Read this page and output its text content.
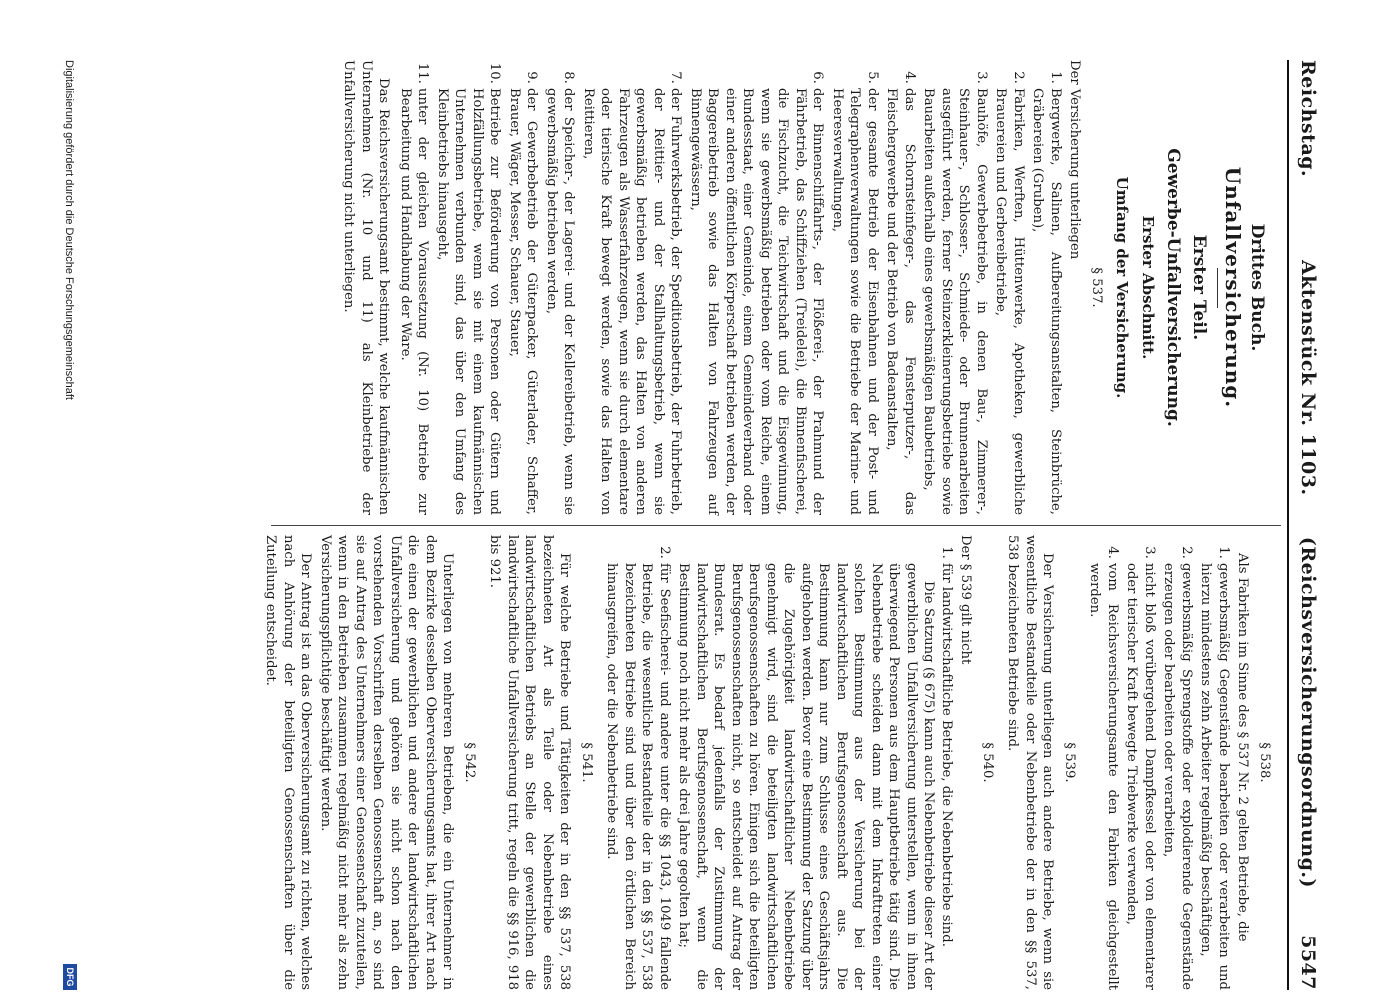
Reichstag.
Aktenstück Nr. 1103.
(Reichsversicherungsordnung.) 5547
Drittes Buch.
Unfallversicherung.
Erster Teil.
Gewerbe-Unfallversicherung.
Erster Abschnitt.
Umfang der Versicherung.
§ 537.

Der Versicherung unterliegen

1. Bergwerke, Salinen, Aufbereitungsanstalten, Steinbrüche, Gräbereien (Gruben),
2. Fabriken, Werften, Hüttenwerke, Apotheken, gewerbliche Brauereien und Gerbereibetriebe,
3. Bauhöfe, Gewerbebetriebe, in denen Bau-, Zimmerer-, Steinhauer-, Schlosser-, Schmiede- oder Brunnenarbeiten ausgeführt werden, ferner Steinzerkleinerungsbetriebe sowie Bauarbeiten außerhalb eines gewerbsmäßigen Baubetriebs,
4. das Schornsteinfeger-, das Fensterputzer-, das Fleischergewerbe und der Betrieb von Badeanstalten,
5. der gesamte Betrieb der Eisenbahnen und der Post- und Telegraphenverwaltungen sowie die Betriebe der Marine- und Heeresverwaltungen,
6. der Binnenschiffahrts-, der Flößerei-, der Prahmund der Fährbetrieb, das Schiffziehen (Treidelei), die Binnenfischerei, die Fischzucht, die Teichwirtschaft und die Eisgewinnung, wenn sie gewerbsmäßig betrieben oder vom Reiche, einem Bundesstaat, einer Gemeinde, einem Gemeindeverband oder einer anderen öffentlichen Körperschaft betrieben werden, der Baggereibetrieb sowie das Halten von Fahrzeugen auf Binnengewässern,
7. der Fuhrwerksbetrieb, der Speditionsbetrieb, der Fuhrbetrieb, der Reittier- und der Stallhaltungsbetrieb, wenn sie gewerbsmäßig betrieben werden, das Halten von anderen Fahrzeugen als Wasserfahrzeugen, wenn sie durch elementare oder tierische Kraft bewegt werden, sowie das Halten von Reittieren,
8. der Speicher-, der Lagerei- und der Kellereibetrieb, wenn sie gewerbsmäßig betrieben werden,
9. der Gewerbebetrieb der Güterpacker, Güterlader, Schaffer, Brauer, Wäger, Messer, Schauer, Stauer,
10. Betriebe zur Beförderung von Personen oder Gütern und Holzfällungsbetriebe, wenn sie mit einem kaufmännischen Unternehmen verbunden sind, das über den Umfang des Kleinbetriebs hinausgeht,
11. unter der gleichen Voraussetzung (Nr. 10) Betriebe zur Bearbeitung und Handhabung der Ware.

Das Reichsversicherungsamt bestimmt, welche kaufmännischen Unternehmen (Nr. 10 und 11) als Kleinbetriebe der Unfallversicherung nicht unterliegen.

§ 538.

Als Fabriken im Sinne des § 537 Nr. 2 gelten Betriebe, die

1. gewerbsmäßig Gegenstände bearbeiten oder verarbeiten und hierzu mindestens zehn Arbeiter regelmäßig beschäftigen,
2. gewerbsmäßig Sprengstoffe oder explodierende Gegenstände erzeugen oder bearbeiten oder verarbeiten,
3. nicht bloß vorübergehend Dampfkessel oder von elementarer oder tierischer Kraft bewegte Triebwerke verwenden,
4. vom Reichsversicherungsamte den Fabriken gleichgestellt werden.
§ 539.

Der Versicherung unterliegen auch andere Betriebe, wenn sie wesentliche Bestandteile oder Nebenbetriebe der in den §§ 537, 538 bezeichneten Betriebe sind.

§ 540.

Der § 539 gilt nicht

1. für landwirtschaftliche Betriebe, die Nebenbetriebe sind.

Die Satzung (§ 675) kann auch Nebenbetriebe dieser Art der gewerblichen Unfallversicherung unterstellen, wenn in ihnen überwiegend Personen aus dem Hauptbetriebe tätig sind. Die Nebenbetriebe scheiden dann mit dem Inkrafttreten einer solchen Bestimmung aus der Versicherung bei der landwirtschaftlichen Berufsgenossenschaft aus. Die Bestimmung kann nur zum Schlusse eines Geschäftsjahrs aufgehoben werden. Bevor eine Bestimmung der Satzung über die Zugehörigkeit landwirtschaftlicher Nebenbetriebe genehmigt wird, sind die beteiligten landwirtschaftlichen Berufsgenossenschaften zu hören. Einigen sich die beteiligten Berufsgenossenschaften nicht, so entscheidet auf Antrag der Bundesrat. Es bedarf jedenfalls der Zustimmung der landwirtschaftlichen Berufsgenossenschaft, wenn die Bestimmung noch nicht mehr als drei Jahre gegolten hat;

2. für Seefischerei- und andere unter die §§ 1043, 1049 fallende Betriebe, die wesentliche Bestandteile der in den §§ 537, 538 bezeichneten Betriebe sind und über den örtlichen Bereich hinausgreifen, oder die Nebenbetriebe sind.
§ 541.

Für welche Betriebe und Tätigkeiten der in den §§ 537, 538 bezeichneten Art als Teile oder Nebenbetriebe eines landwirtschaftlichen Betriebs an Stelle der gewerblichen die landwirtschaftliche Unfallversicherung tritt, regeln die §§ 916, 918 bis 921.

§ 542.

Unterliegen von mehreren Betrieben, die ein Unternehmer in dem Bezirke desselben Oberversicherungsamts hat, ihrer Art nach die einen der gewerblichen und andere der landwirtschaftlichen Unfallversicherung und gehören sie nicht schon nach den vorstehenden Vorschriften derselben Genossenschaft an, so sind sie auf Antrag des Unternehmers einer Genossenschaft zuzuteilen, wenn in den Betrieben zusammen regelmäßig nicht mehr als zehn Versicherungspflichtige beschäftigt werden.

Der Antrag ist an das Oberversicherungsamt zu richten, welches nach Anhörung der beteiligten Genossenschaften über die Zuteilung entscheidet.

Digitalisierung gefördert durch die Deutsche Forschungsgemeinschaft
DFG
